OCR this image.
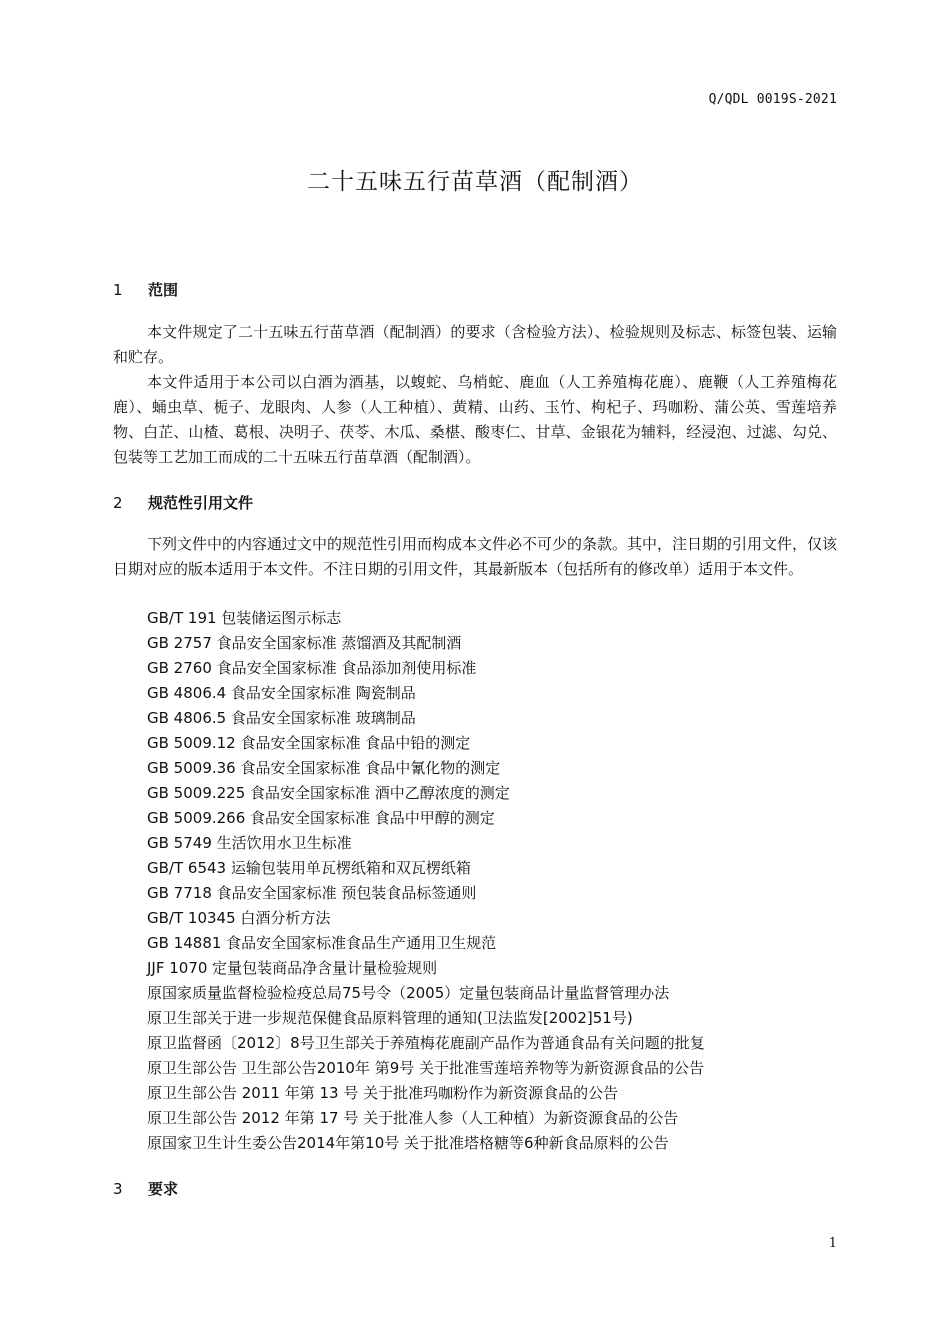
Q/QDL 0019S-2021
二十五味五行苗草酒（配制酒）
1 范围

本文件规定了二十五味五行苗草酒（配制酒）的要求（含检验方法）、检验规则及标志、标签包装、运输和贮存。

本文件适用于本公司以白酒为酒基，以蝮蛇、乌梢蛇、鹿血（人工养殖梅花鹿）、鹿鞭（人工养殖梅花鹿）、蛹虫草、栀子、龙眼肉、人参（人工种植）、黄精、山药、玉竹、枸杞子、玛咖粉、蒲公英、雪莲培养物、白芷、山楂、葛根、决明子、茯苓、木瓜、桑椹、酸枣仁、甘草、金银花为辅料，经浸泡、过滤、勾兑、包装等工艺加工而成的二十五味五行苗草酒（配制酒）。

2 规范性引用文件

下列文件中的内容通过文中的规范性引用而构成本文件必不可少的条款。其中，注日期的引用文件，仅该日期对应的版本适用于本文件。不注日期的引用文件，其最新版本（包括所有的修改单）适用于本文件。

GB/T 191 包装储运图示标志
GB 2757 食品安全国家标准 蒸馏酒及其配制酒
GB 2760 食品安全国家标准 食品添加剂使用标准
GB 4806.4 食品安全国家标准 陶瓷制品
GB 4806.5 食品安全国家标准 玻璃制品
GB 5009.12 食品安全国家标准 食品中铅的测定
GB 5009.36 食品安全国家标准 食品中氰化物的测定
GB 5009.225 食品安全国家标准 酒中乙醇浓度的测定
GB 5009.266 食品安全国家标准 食品中甲醇的测定
GB 5749 生活饮用水卫生标准
GB/T 6543 运输包装用单瓦楞纸箱和双瓦楞纸箱
GB 7718 食品安全国家标准 预包装食品标签通则
GB/T 10345 白酒分析方法
GB 14881 食品安全国家标准食品生产通用卫生规范
JJF 1070 定量包装商品净含量计量检验规则
原国家质量监督检验检疫总局75号令（2005）定量包装商品计量监督管理办法
原卫生部关于进一步规范保健食品原料管理的通知(卫法监发[2002]51号)
原卫监督函〔2012〕8号卫生部关于养殖梅花鹿副产品作为普通食品有关问题的批复
原卫生部公告 卫生部公告2010年 第9号 关于批准雪莲培养物等为新资源食品的公告
原卫生部公告 2011 年第 13 号 关于批准玛咖粉作为新资源食品的公告
原卫生部公告 2012 年第 17 号 关于批准人参（人工种植）为新资源食品的公告
原国家卫生计生委公告2014年第10号 关于批准塔格糖等6种新食品原料的公告
3 要求
1
